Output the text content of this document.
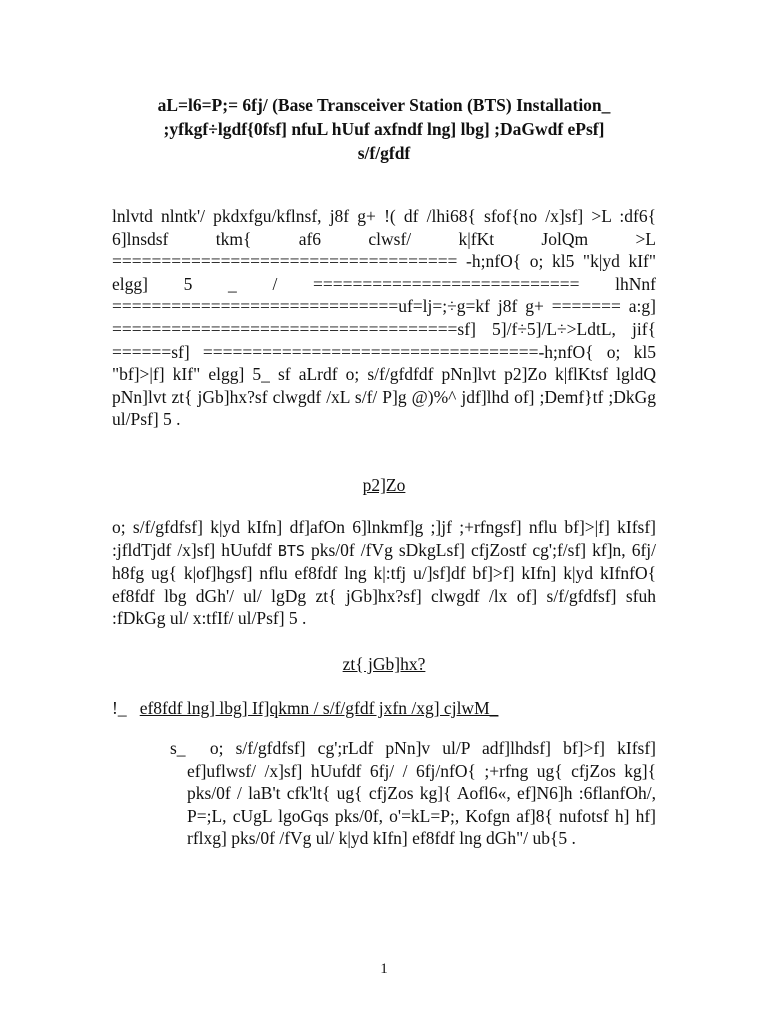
aL=l6=P;= 6fj/ (Base Transceiver Station (BTS) Installation_
;yfkgf÷lgdf{0fsf] nfuL hUuf axfndf lng] lbg] ;DaGwdf ePsf]
s/f/gfdf
lnlvtd nlntk'/ pkdxfgu/kflnsf, j8f g+ !( df /lhi68{ sfof{no /x]sf] >L :df6{ 6]lnsdsf tkm{ af6 clwsf/ k|fKt JolQm >L =================================== -h;nfO{ o; kl5 "k|yd kIf" elgg] 5 _ / =========================== lhNnf =============================uf=lj=;÷g=kf j8f g+ ======= a:g] ===================================sf] 5]/f÷5]/L÷>LdtL, jif{ ======sf] ==================================-h;nfO{ o; kl5 "bf]>|f] kIf" elgg] 5_ sf aLrdf o; s/f/gfdfdf pNn]lvt p2]Zo k|flKtsf lgldQ pNn]lvt zt{ jGb]hx?sf clwgdf /xL s/f/ P]g @)%^ jdf]lhd of] ;Demf}tf ;DkGg ul/Psf] 5 .
p2]Zo
o; s/f/gfdfsf] k|yd kIfn] df]afOn 6]lnkmf]g ;]jf ;+rfngsf] nflu bf]>|f] kIfsf] :jfldTjdf /x]sf] hUufdf BTS pks/0f /fVg sDkgLsf] cfjZostf cg';f/sf] kf]n, 6fj/ h8fg ug{ k|of]hgsf] nflu ef8fdf lng k|:tfj u/]sf]df bf]>f] kIfn] k|yd kIfnfO{ ef8fdf lbg dGh'/ ul/ lgDg zt{ jGb]hx?sf] clwgdf /lx of] s/f/gfdfsf] sfuh :fDkGg ul/ x:tfIf/ ul/Psf] 5 .
zt{ jGb]hx?
!_ ef8fdf lng] lbg] If]qkmn / s/f/gfdf jxfn /xg] cjlwM_
s_ o; s/f/gfdfsf] cg';rLdf pNn]v ul/P adf]lhdsf] bf]>f] kIfsf] ef]uflwsf/ /x]sf] hUufdf 6fj/ / 6fj/nfO{ ;+rfng ug{ cfjZos kg]{ pks/0f / laB't cfk'lt{ ug{ cfjZos kg]{ Aofl6«, ef]N6]h :6flanfOh/, P=;L, cUgL lgoGqs pks/0f, o'=kL=P;, Kofgn af]8{ nufotsf h] hf] rflxg] pks/0f /fVg ul/ k|yd kIfn] ef8fdf lng dGh"/ ub{5 .
1
